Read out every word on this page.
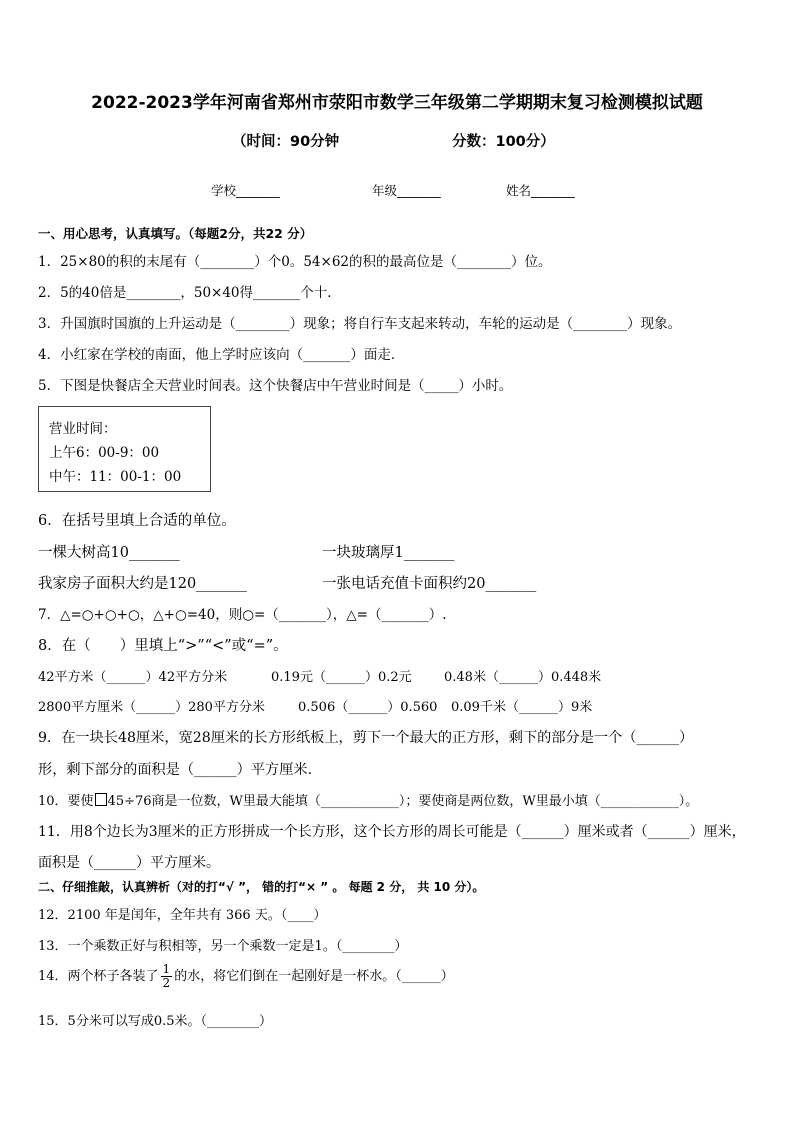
2022-2023学年河南省郑州市荥阳市数学三年级第二学期期末复习检测模拟试题
（时间：90分钟	分数：100分）
学校_______	年级_______	姓名_______
一、用心思考，认真填写。（每题2分，共22 分）
1．25×80的积的末尾有（________）个0。54×62的积的最高位是（________）位。
2．5的40倍是________，50×40得_______个十．
3．升国旗时国旗的上升运动是（________）现象；将自行车支起来转动，车轮的运动是（________）现象。
4．小红家在学校的南面，他上学时应该向（_______）面走．
5．下图是快餐店全天营业时间表。这个快餐店中午营业时间是（_____）小时。
营业时间：
上午6：00-9：00
中午：11：00-1：00
6．在括号里填上合适的单位。
一棵大树高10_______	一块玻璃厚1_______
我家房子面积大约是120_______	一张电话充值卡面积约20_______
7．△=○+○+○，△+○=40，则○=（_______），△=（_______）.
8．在（　　）里填上“>”“<”或“=”。
42平方米（______）42平方分米	0.19元（______）0.2元 0.48米（______）0.448米
2800平方厘米（______）280平方分米	0.506（______）0.560 0.09千米（______）9米
9．在一块长48厘米，宽28厘米的长方形纸板上，剪下一个最大的正方形，剩下的部分是一个（______）
形，剩下部分的面积是（______）平方厘米.
10．要使 45÷76商是一位数，W里最大能填（____________）；要使商是两位数，W里最小填（____________）。
11．用8个边长为3厘米的正方形拼成一个长方形，这个长方形的周长可能是（______）厘米或者（______）厘米，
面积是（______）平方厘米。
二、仔细推敲，认真辨析（对的打“√ ”， 错的打“× ” 。 每题 2 分， 共 10 分）。
12．2100 年是闰年，全年共有 366 天。（____）
13．一个乘数正好与积相等，另一个乘数一定是1。（________）
14．两个杯子各装了 $\frac{1}{2}$ 的水，将它们倒在一起刚好是一杯水。（______）
15．5分米可以写成0.5米。（________）
